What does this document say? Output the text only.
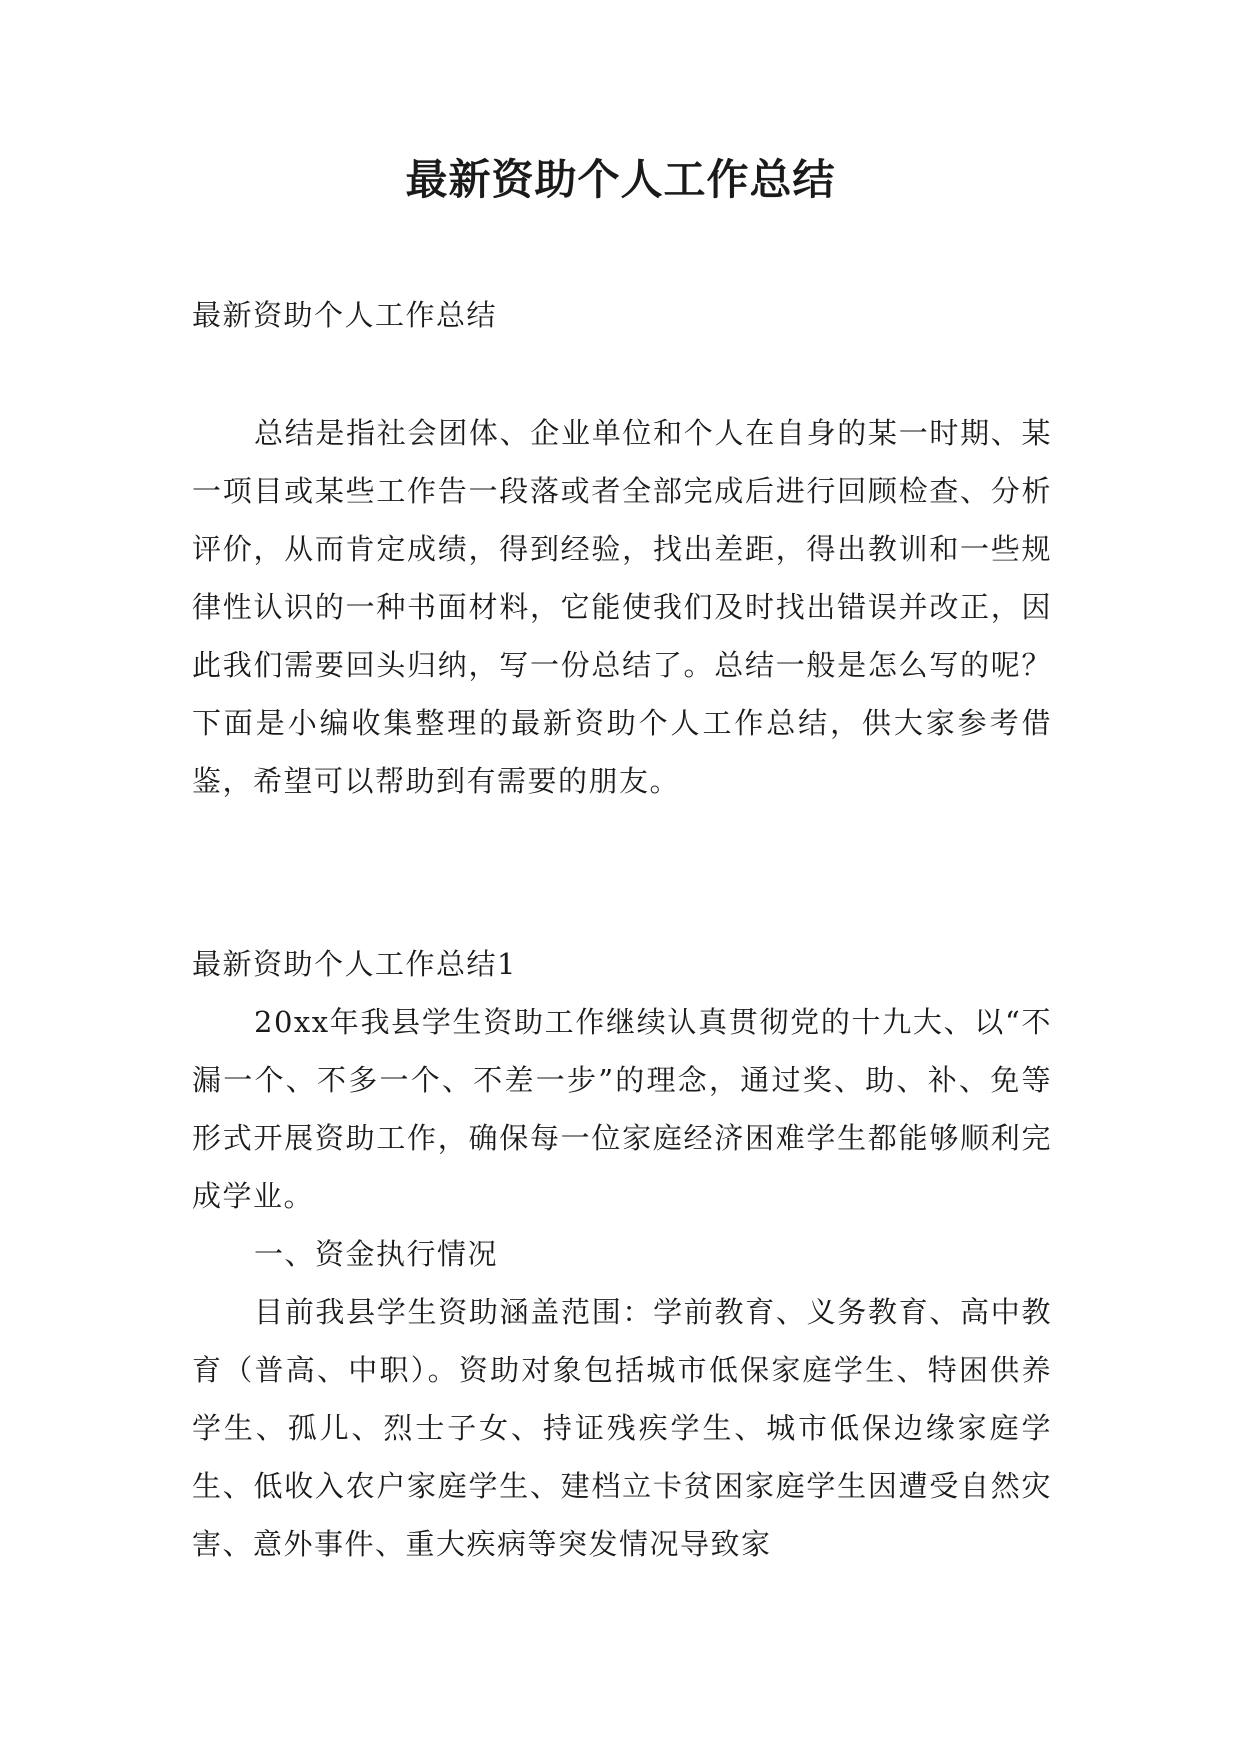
最新资助个人工作总结

最新资助个人工作总结

总结是指社会团体、企业单位和个人在自身的某一时期、某一项目或某些工作告一段落或者全部完成后进行回顾检查、分析评价，从而肯定成绩，得到经验，找出差距，得出教训和一些规律性认识的一种书面材料，它能使我们及时找出错误并改正，因此我们需要回头归纳，写一份总结了。总结一般是怎么写的呢？下面是小编收集整理的最新资助个人工作总结，供大家参考借鉴，希望可以帮助到有需要的朋友。

最新资助个人工作总结1

20xx年我县学生资助工作继续认真贯彻党的十九大、以“不漏一个、不多一个、不差一步”的理念，通过奖、助、补、免等形式开展资助工作，确保每一位家庭经济困难学生都能够顺利完成学业。

一、资金执行情况

目前我县学生资助涵盖范围：学前教育、义务教育、高中教育（普高、中职）。资助对象包括城市低保家庭学生、特困供养学生、孤儿、烈士子女、持证残疾学生、城市低保边缘家庭学生、低收入农户家庭学生、建档立卡贫困家庭学生因遭受自然灾害、意外事件、重大疾病等突发情况导致家
